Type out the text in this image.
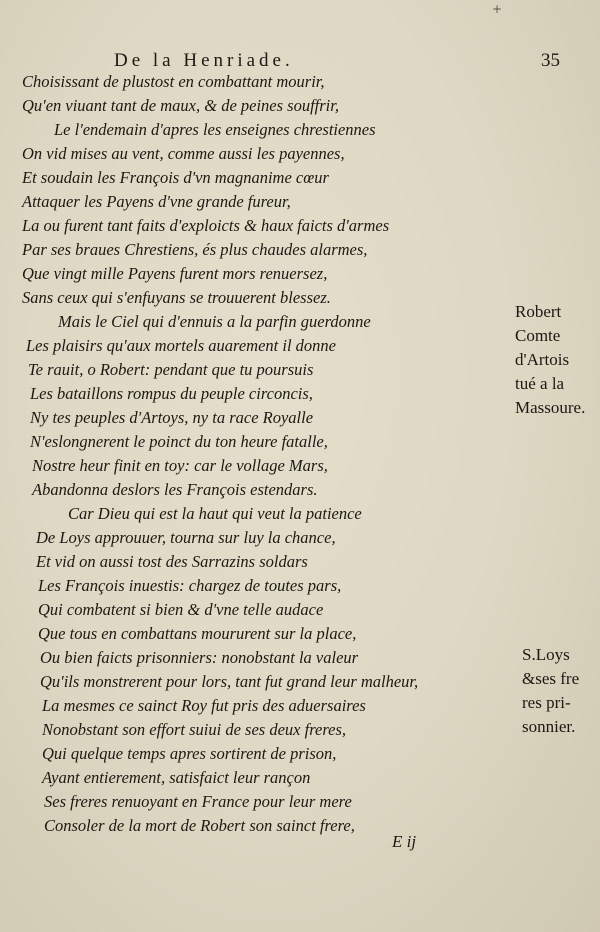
+
De la Henriade.	35
Choisissant de plustost en combattant mourir,
Qu'en viuant tant de maux, & de peines souffrir,
Le l'endemain d'apres les enseignes chrestiennes
On vid mises au vent, comme aussi les payennes,
Et soudain les François d'vn magnanime cœur
Attaquer les Payens d'vne grande fureur,
La ou furent tant faits d'exploicts & haux faicts d'armes
Par ses braues Chrestiens, és plus chaudes alarmes,
Que vingt mille Payens furent mors renuersez,
Sans ceux qui s'enfuyans se trouuerent blessez.
Mais le Ciel qui d'ennuis a la parfin guerdonne
Les plaisirs qu'aux mortels auarement il donne
Te rauit, o Robert: pendant que tu poursuis
Les bataillons rompus du peuple circoncis,
Ny tes peuples d'Artoys, ny ta race Royalle
N'eslongnerent le poinct du ton heure fatalle,
Nostre heur finit en toy: car le vollage Mars,
Abandonna deslors les François estendars.
Car Dieu qui est la haut qui veut la patience
De Loys approuuer, tourna sur luy la chance,
Et vid on aussi tost des Sarrazins soldars
Les François inuestis: chargez de toutes pars,
Qui combatent si bien & d'vne telle audace
Que tous en combattans moururent sur la place,
Ou bien faicts prisonniers: nonobstant la valeur
Qu'ils monstrerent pour lors, tant fut grand leur malheur,
La mesmes ce sainct Roy fut pris des aduersaires
Nonobstant son effort suiui de ses deux freres,
Qui quelque temps apres sortirent de prison,
Ayant entierement, satisfaict leur rançon
Ses freres renuoyant en France pour leur mere
Consoler de la mort de Robert son sainct frere,
Robert
Comte
d'Artois
tué a la
Massoure.
S.Loys
&ses fre
res pri-
sonnier.
E ij
